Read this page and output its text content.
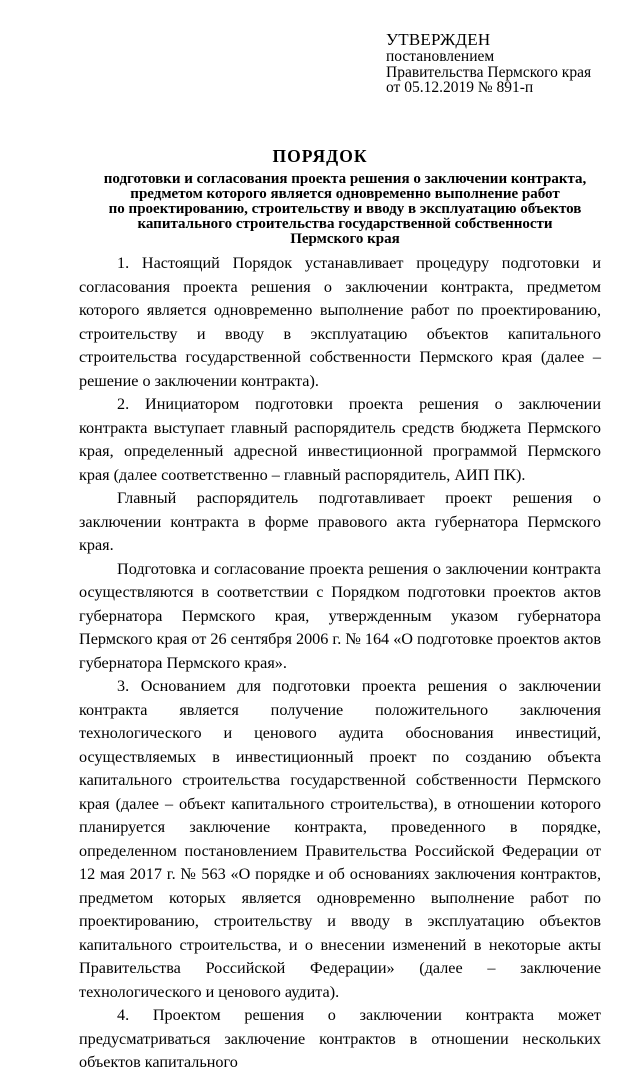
УТВЕРЖДЕН
постановлением
Правительства Пермского края
от 05.12.2019 № 891-п
ПОРЯДОК
подготовки и согласования проекта решения о заключении контракта,
предметом которого является одновременно выполнение работ
по проектированию, строительству и вводу в эксплуатацию объектов
капитального строительства государственной собственности
Пермского края

1. Настоящий Порядок устанавливает процедуру подготовки и согласования проекта решения о заключении контракта, предметом которого является одновременно выполнение работ по проектированию, строительству и вводу в эксплуатацию объектов капитального строительства государственной собственности Пермского края (далее – решение о заключении контракта).

2. Инициатором подготовки проекта решения о заключении контракта выступает главный распорядитель средств бюджета Пермского края, определенный адресной инвестиционной программой Пермского края (далее соответственно – главный распорядитель, АИП ПК).

Главный распорядитель подготавливает проект решения о заключении контракта в форме правового акта губернатора Пермского края.

Подготовка и согласование проекта решения о заключении контракта осуществляются в соответствии с Порядком подготовки проектов актов губернатора Пермского края, утвержденным указом губернатора Пермского края от 26 сентября 2006 г. № 164 «О подготовке проектов актов губернатора Пермского края».

3. Основанием для подготовки проекта решения о заключении контракта является получение положительного заключения технологического и ценового аудита обоснования инвестиций, осуществляемых в инвестиционный проект по созданию объекта капитального строительства государственной собственности Пермского края (далее – объект капитального строительства), в отношении которого планируется заключение контракта, проведенного в порядке, определенном постановлением Правительства Российской Федерации от 12 мая 2017 г. № 563 «О порядке и об основаниях заключения контрактов, предметом которых является одновременно выполнение работ по проектированию, строительству и вводу в эксплуатацию объектов капитального строительства, и о внесении изменений в некоторые акты Правительства Российской Федерации» (далее – заключение технологического и ценового аудита).

4. Проектом решения о заключении контракта может предусматриваться заключение контрактов в отношении нескольких объектов капитального
